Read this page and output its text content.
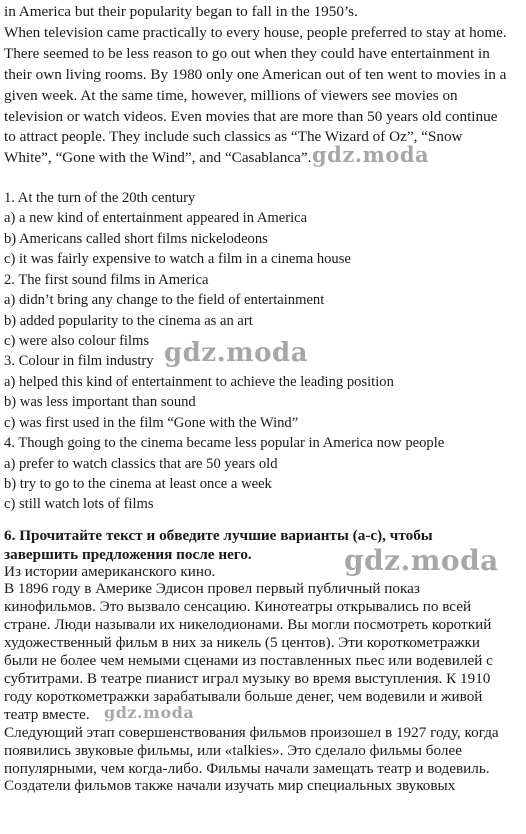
in America but their popularity began to fall in the 1950’s.
When television came practically to every house, people preferred to stay at home.
There seemed to be less reason to go out when they could have entertainment in
their own living rooms. By 1980 only one American out of ten went to movies in a
given week. At the same time, however, millions of viewers see movies on
television or watch videos. Even movies that are more than 50 years old continue
to attract people. They include such classics as “The Wizard of Oz”, “Snow
White”, “Gone with the Wind”, and “Casablanca”.
1. At the turn of the 20th century
a) a new kind of entertainment appeared in America
b) Americans called short films nickelodeons
c) it was fairly expensive to watch a film in a cinema house
2. The first sound films in America
a) didn’t bring any change to the field of entertainment
b) added popularity to the cinema as an art
c) were also colour films
3. Colour in film industry
a) helped this kind of entertainment to achieve the leading position
b) was less important than sound
c) was first used in the film “Gone with the Wind”
4. Though going to the cinema became less popular in America now people
a) prefer to watch classics that are 50 years old
b) try to go to the cinema at least once a week
c) still watch lots of films
6. Прочитайте текст и обведите лучшие варианты (a-c), чтобы
завершить предложения после него.
Из истории американского кино.
В 1896 году в Америке Эдисон провел первый публичный показ
кинофильмов. Это вызвало сенсацию. Кинотеатры открывались по всей
стране. Люди называли их никелодионами. Вы могли посмотреть короткий
художественный фильм в них за никель (5 центов). Эти короткометражки
были не более чем немыми сценами из поставленных пьес или водевилей с
субтитрами. В театре пианист играл музыку во время выступления. К 1910
году короткометражки зарабатывали больше денег, чем водевили и живой
театр вместе.
Следующий этап совершенствования фильмов произошел в 1927 году, когда
появились звуковые фильмы, или «talkies». Это сделало фильмы более
популярными, чем когда-либо. Фильмы начали замещать театр и водевиль.
Создатели фильмов также начали изучать мир специальных звуковых
gdz.moda
gdz.moda
gdz.moda
gdz.moda
